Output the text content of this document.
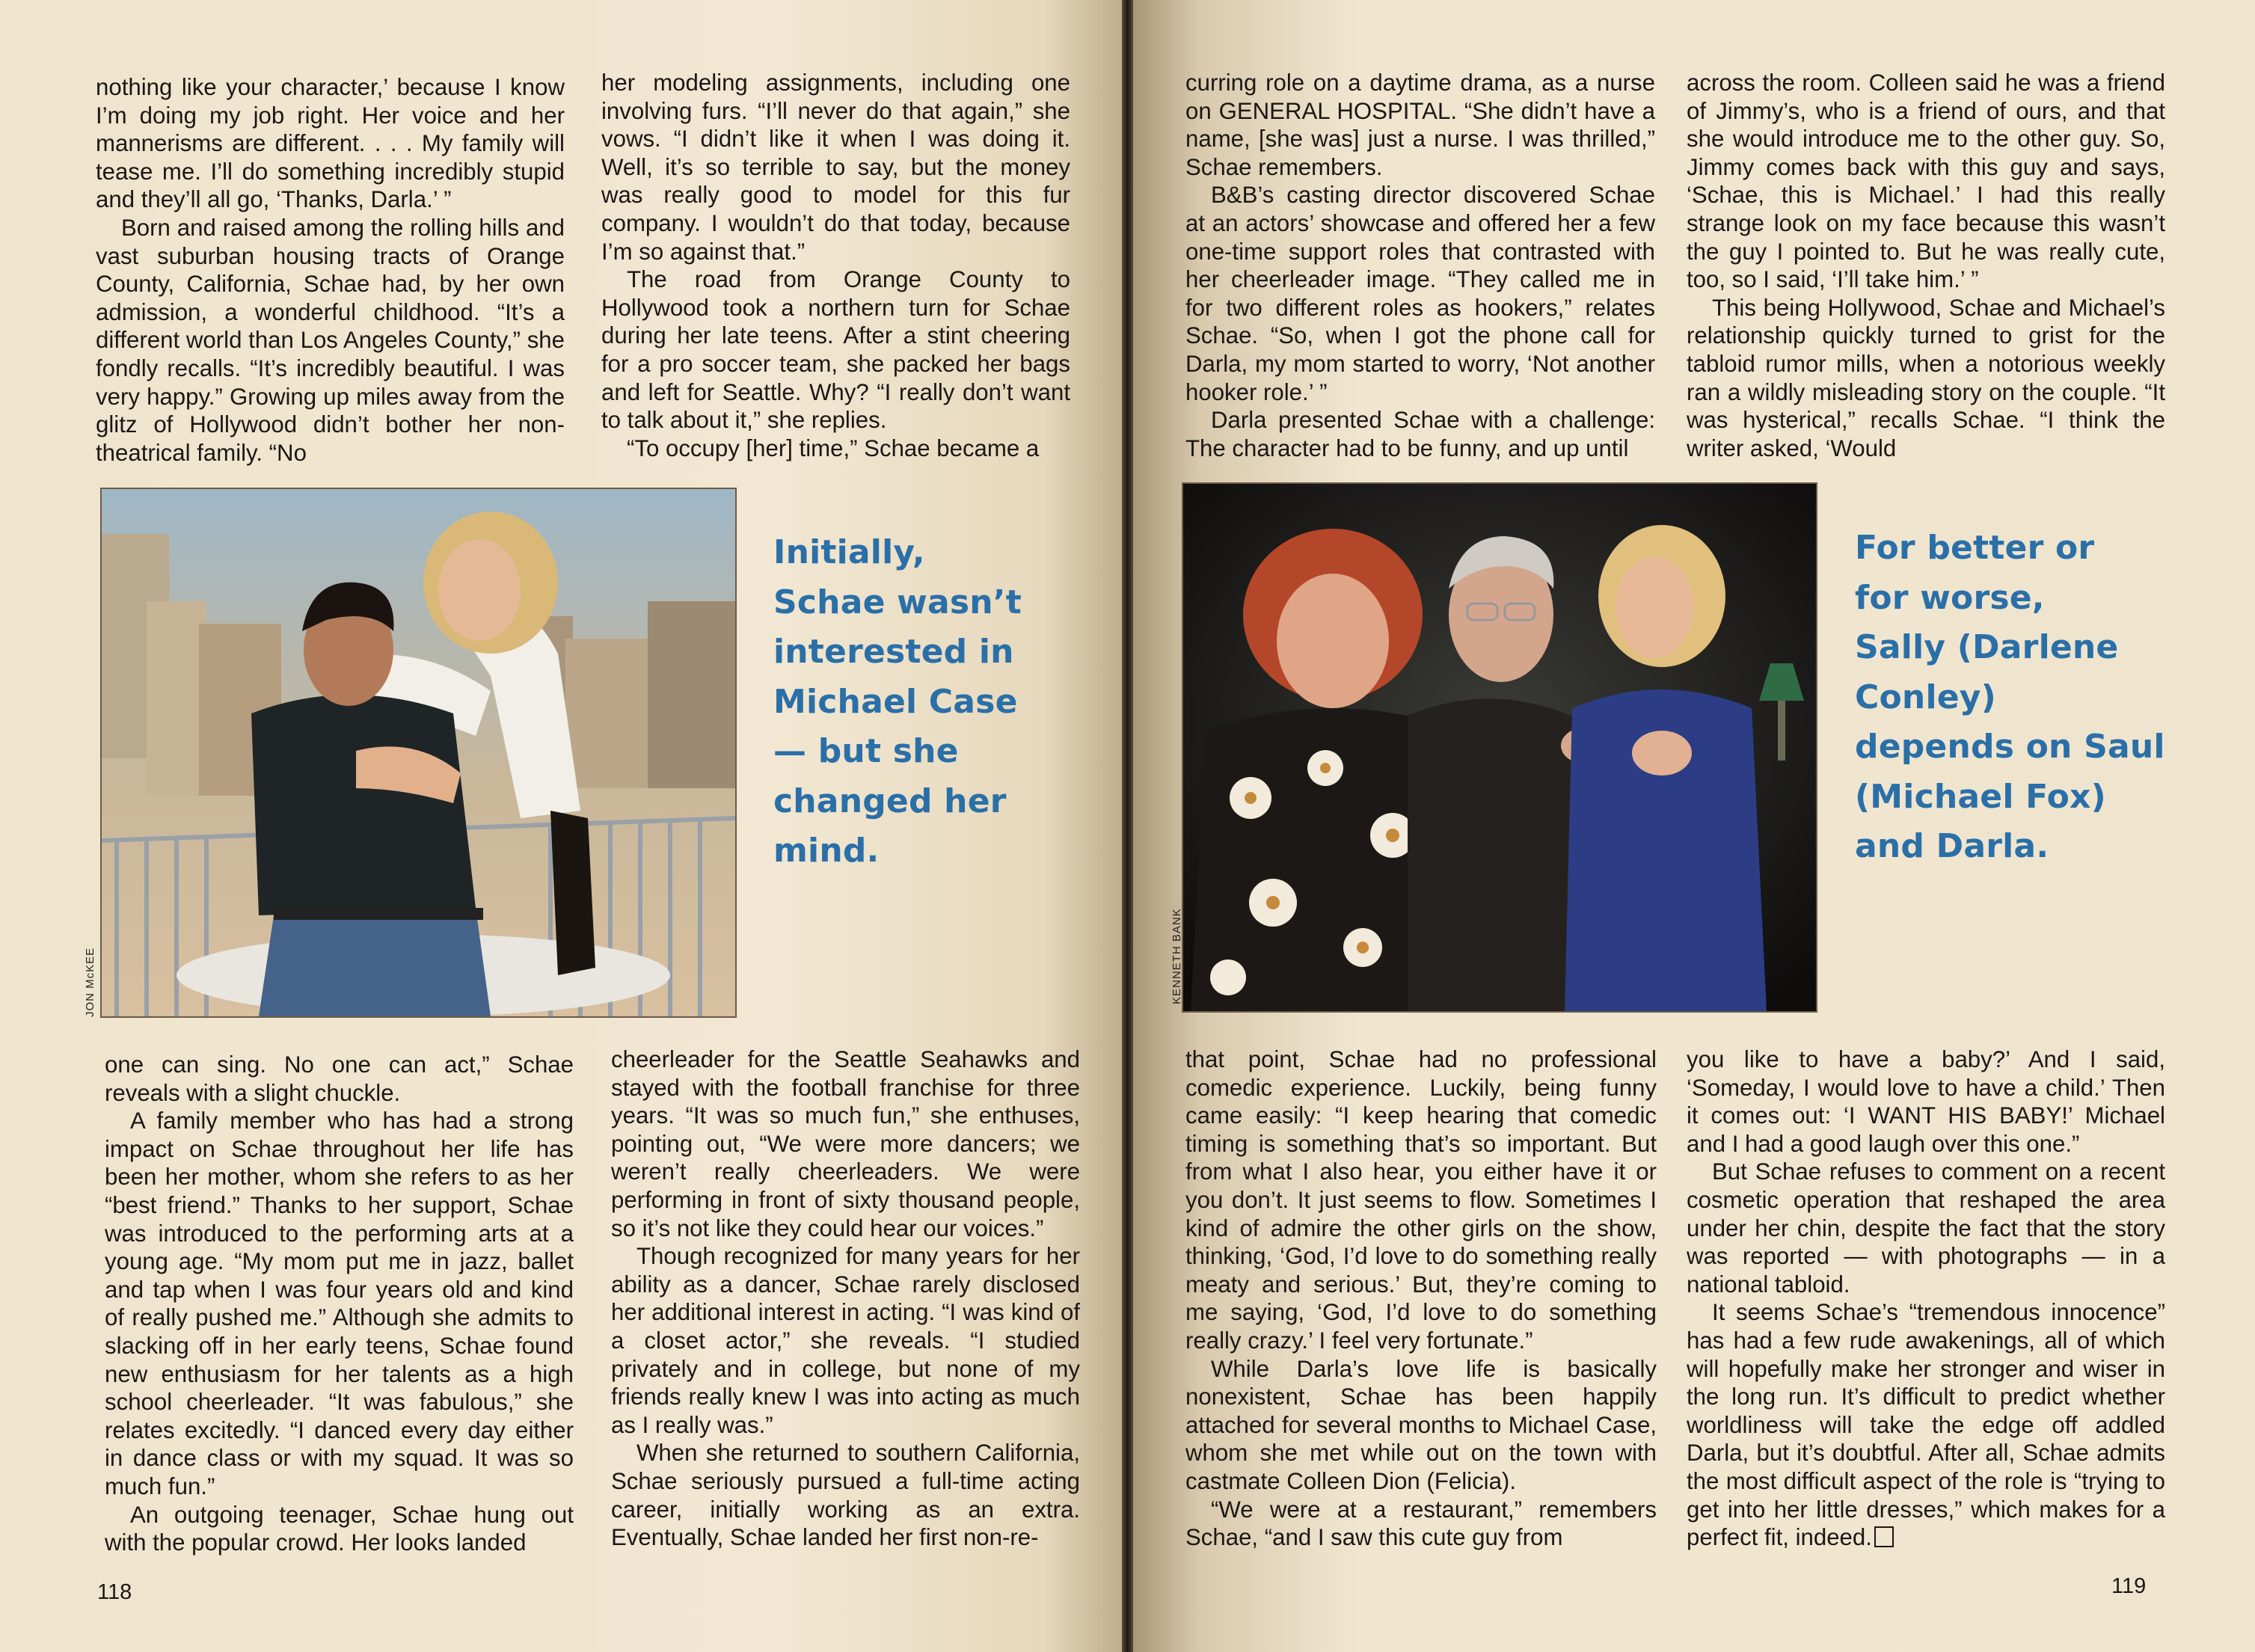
nothing like your character,’ because I know I’m doing my job right. Her voice and her mannerisms are different. . . . My family will tease me. I’ll do something incredibly stupid and they’ll all go, ‘Thanks, Darla.’ ”

Born and raised among the rolling hills and vast suburban housing tracts of Orange County, California, Schae had, by her own admission, a wonderful childhood. “It’s a different world than Los Angeles County,” she fondly recalls. “It’s incredibly beautiful. I was very happy.” Growing up miles away from the glitz of Hollywood didn’t bother her non-theatrical family. “No

her modeling assignments, including one involving furs. “I’ll never do that again,” she vows. “I didn’t like it when I was doing it. Well, it’s so terrible to say, but the money was really good to model for this fur company. I wouldn’t do that today, because I’m so against that.”

The road from Orange County to Hollywood took a northern turn for Schae during her late teens. After a stint cheering for a pro soccer team, she packed her bags and left for Seattle. Why? “I really don’t want to talk about it,” she replies.

“To occupy [her] time,” Schae became a

JON McKEE
Initially,
Schae wasn’t
interested in
Michael Case
— but she
changed her
mind.

one can sing. No one can act,” Schae reveals with a slight chuckle.

A family member who has had a strong impact on Schae throughout her life has been her mother, whom she refers to as her “best friend.” Thanks to her support, Schae was introduced to the performing arts at a young age. “My mom put me in jazz, ballet and tap when I was four years old and kind of really pushed me.” Although she admits to slacking off in her early teens, Schae found new enthusiasm for her talents as a high school cheerleader. “It was fabulous,” she relates excitedly. “I danced every day either in dance class or with my squad. It was so much fun.”

An outgoing teenager, Schae hung out with the popular crowd. Her looks landed

cheerleader for the Seattle Seahawks and stayed with the football franchise for three years. “It was so much fun,” she enthuses, pointing out, “We were more dancers; we weren’t really cheerleaders. We were performing in front of sixty thousand people, so it’s not like they could hear our voices.”

Though recognized for many years for her ability as a dancer, Schae rarely disclosed her additional interest in acting. “I was kind of a closet actor,” she reveals. “I studied privately and in college, but none of my friends really knew I was into acting as much as I really was.”

When she returned to southern California, Schae seriously pursued a full-time acting career, initially working as an extra. Eventually, Schae landed her first non-re-

118

curring role on a daytime drama, as a nurse on GENERAL HOSPITAL. “She didn’t have a name, [she was] just a nurse. I was thrilled,” Schae remembers.

B&B’s casting director discovered Schae at an actors’ showcase and offered her a few one-time support roles that contrasted with her cheerleader image. “They called me in for two different roles as hookers,” relates Schae. “So, when I got the phone call for Darla, my mom started to worry, ‘Not another hooker role.’ ”

Darla presented Schae with a challenge: The character had to be funny, and up until

across the room. Colleen said he was a friend of Jimmy’s, who is a friend of ours, and that she would introduce me to the other guy. So, Jimmy comes back with this guy and says, ‘Schae, this is Michael.’ I had this really strange look on my face because this wasn’t the guy I pointed to. But he was really cute, too, so I said, ‘I’ll take him.’ ”

This being Hollywood, Schae and Michael’s relationship quickly turned to grist for the tabloid rumor mills, when a notorious weekly ran a wildly misleading story on the couple. “It was hysterical,” recalls Schae. “I think the writer asked, ‘Would

KENNETH BANK
For better or
for worse,
Sally (Darlene
Conley)
depends on Saul
(Michael Fox)
and Darla.

that point, Schae had no professional comedic experience. Luckily, being funny came easily: “I keep hearing that comedic timing is something that’s so important. But from what I also hear, you either have it or you don’t. It just seems to flow. Sometimes I kind of admire the other girls on the show, thinking, ‘God, I’d love to do something really meaty and serious.’ But, they’re coming to me saying, ‘God, I’d love to do something really crazy.’ I feel very fortunate.”

While Darla’s love life is basically nonexistent, Schae has been happily attached for several months to Michael Case, whom she met while out on the town with castmate Colleen Dion (Felicia).

“We were at a restaurant,” remembers Schae, “and I saw this cute guy from

you like to have a baby?’ And I said, ‘Someday, I would love to have a child.’ Then it comes out: ‘I WANT HIS BABY!’ Michael and I had a good laugh over this one.”

But Schae refuses to comment on a recent cosmetic operation that reshaped the area under her chin, despite the fact that the story was reported — with photographs — in a national tabloid.

It seems Schae’s “tremendous innocence” has had a few rude awakenings, all of which will hopefully make her stronger and wiser in the long run. It’s difficult to predict whether worldliness will take the edge off addled Darla, but it’s doubtful. After all, Schae admits the most difficult aspect of the role is “trying to get into her little dresses,” which makes for a perfect fit, indeed.

119
